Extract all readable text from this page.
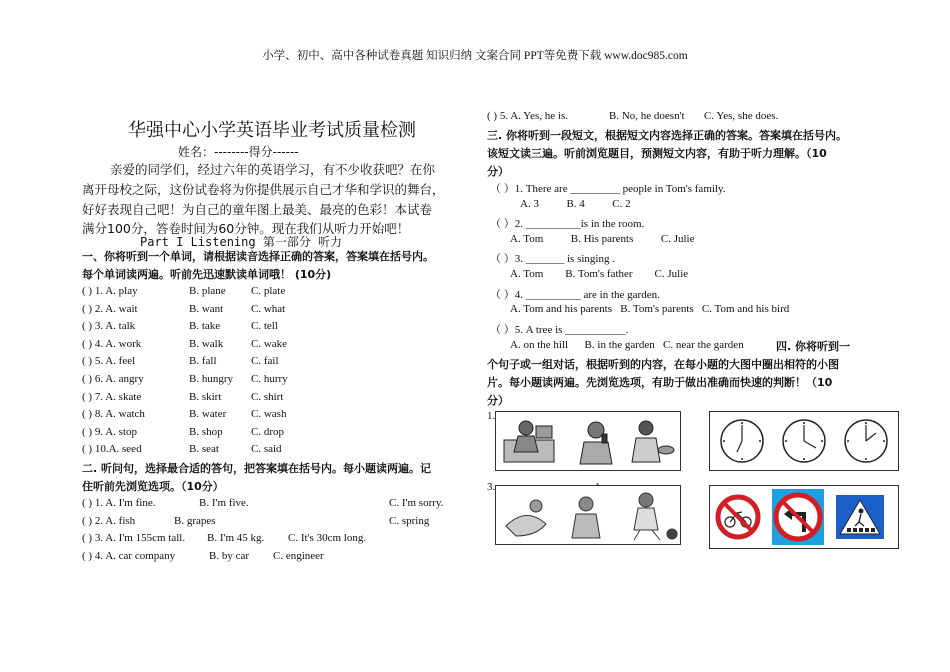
小学、初中、高中各种试卷真题 知识归纳 文案合同 PPT等免费下载 www.doc985.com
华强中心小学英语毕业考试质量检测
姓名：--------得分------
亲爱的同学们，经过六年的英语学习，有不少收获吧？在你
离开母校之际，这份试卷将为你提供展示自己才华和学识的舞台，
好好表现自己吧！为自己的童年图上最美、最亮的色彩！本试卷
满分100分，答卷时间为60分钟。现在我们从听力开始吧！
Part I Listening 第一部分 听力
一、你将听到一个单词，请根据读音选择正确的答案，答案填在括号内。
每个单词读两遍。听前先迅速默读单词哦！ (10分)
( ) 1. A. play	B. plane C. plate
( ) 2. A. wait	B. want	C. what
( ) 3. A. talk	B. take	C. tell
( ) 4. A. work	B. walk	C. wake
( ) 5. A. feel	B. fall	C. fail
( ) 6. A. angry	B. hungry C. hurry
( ) 7. A. skate	B. skirt	C. shirt
( ) 8. A. watch	B. water C. wash
( ) 9. A. stop	B. shop	C. drop
( ) 10.A. seed	B. seat	C. said
二. 听问句，选择最合适的答句，把答案填在括号内。每小题读两遍。记
住听前先浏览选项。（10分）
( ) 1. A. I'm fine.	B. I'm five.	C. I'm sorry.
( ) 2. A. fish	B. grapes	C. spring
( ) 3. A. I'm 155cm tall. B. I'm 45 kg. C. It's 30cm long.
( ) 4. A. car company	B. by car C. engineer
( ) 5. A. Yes, he is.	B. No, he doesn't C. Yes, she does.
三. 你将听到一段短文，根据短文内容选择正确的答案。答案填在括号内。
该短文读三遍。听前浏览题目，预测短文内容，有助于听力理解。（10
分）
（ ）1. There are _________ people in Tom's family.
A. 3          B. 4          C. 2
（ ）2. __________is in the room.
A. Tom          B. His parents          C. Julie
（ ）3. _______ is singing .
A. Tom        B. Tom's father        C. Julie
（ ）4. __________ are in the garden.
A. Tom and his parents   B. Tom's parents   C. Tom and his bird
（ ）5. A tree is ___________.
A. on the hill      B. in the garden   C. near the garden	四. 你将听到一
个句子或一组对话，根据听到的内容，在每小题的大图中圈出相符的小图
片。每小题读两遍。先浏览选项，有助于做出准确而快速的判断！（10
分）
1.
3.
